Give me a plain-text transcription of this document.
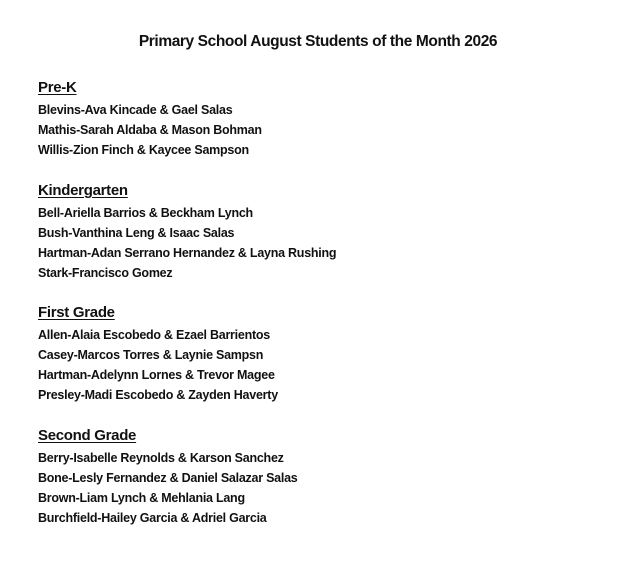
Primary School August Students of the Month 2026
Pre-K
Blevins-Ava Kincade & Gael Salas
Mathis-Sarah Aldaba & Mason Bohman
Willis-Zion Finch & Kaycee Sampson
Kindergarten
Bell-Ariella Barrios & Beckham Lynch
Bush-Vanthina Leng & Isaac Salas
Hartman-Adan Serrano Hernandez & Layna Rushing
Stark-Francisco Gomez
First Grade
Allen-Alaia Escobedo & Ezael Barrientos
Casey-Marcos Torres & Laynie Sampsn
Hartman-Adelynn Lornes & Trevor Magee
Presley-Madi Escobedo & Zayden Haverty
Second Grade
Berry-Isabelle Reynolds & Karson Sanchez
Bone-Lesly Fernandez & Daniel Salazar Salas
Brown-Liam Lynch & Mehlania Lang
Burchfield-Hailey Garcia & Adriel Garcia
